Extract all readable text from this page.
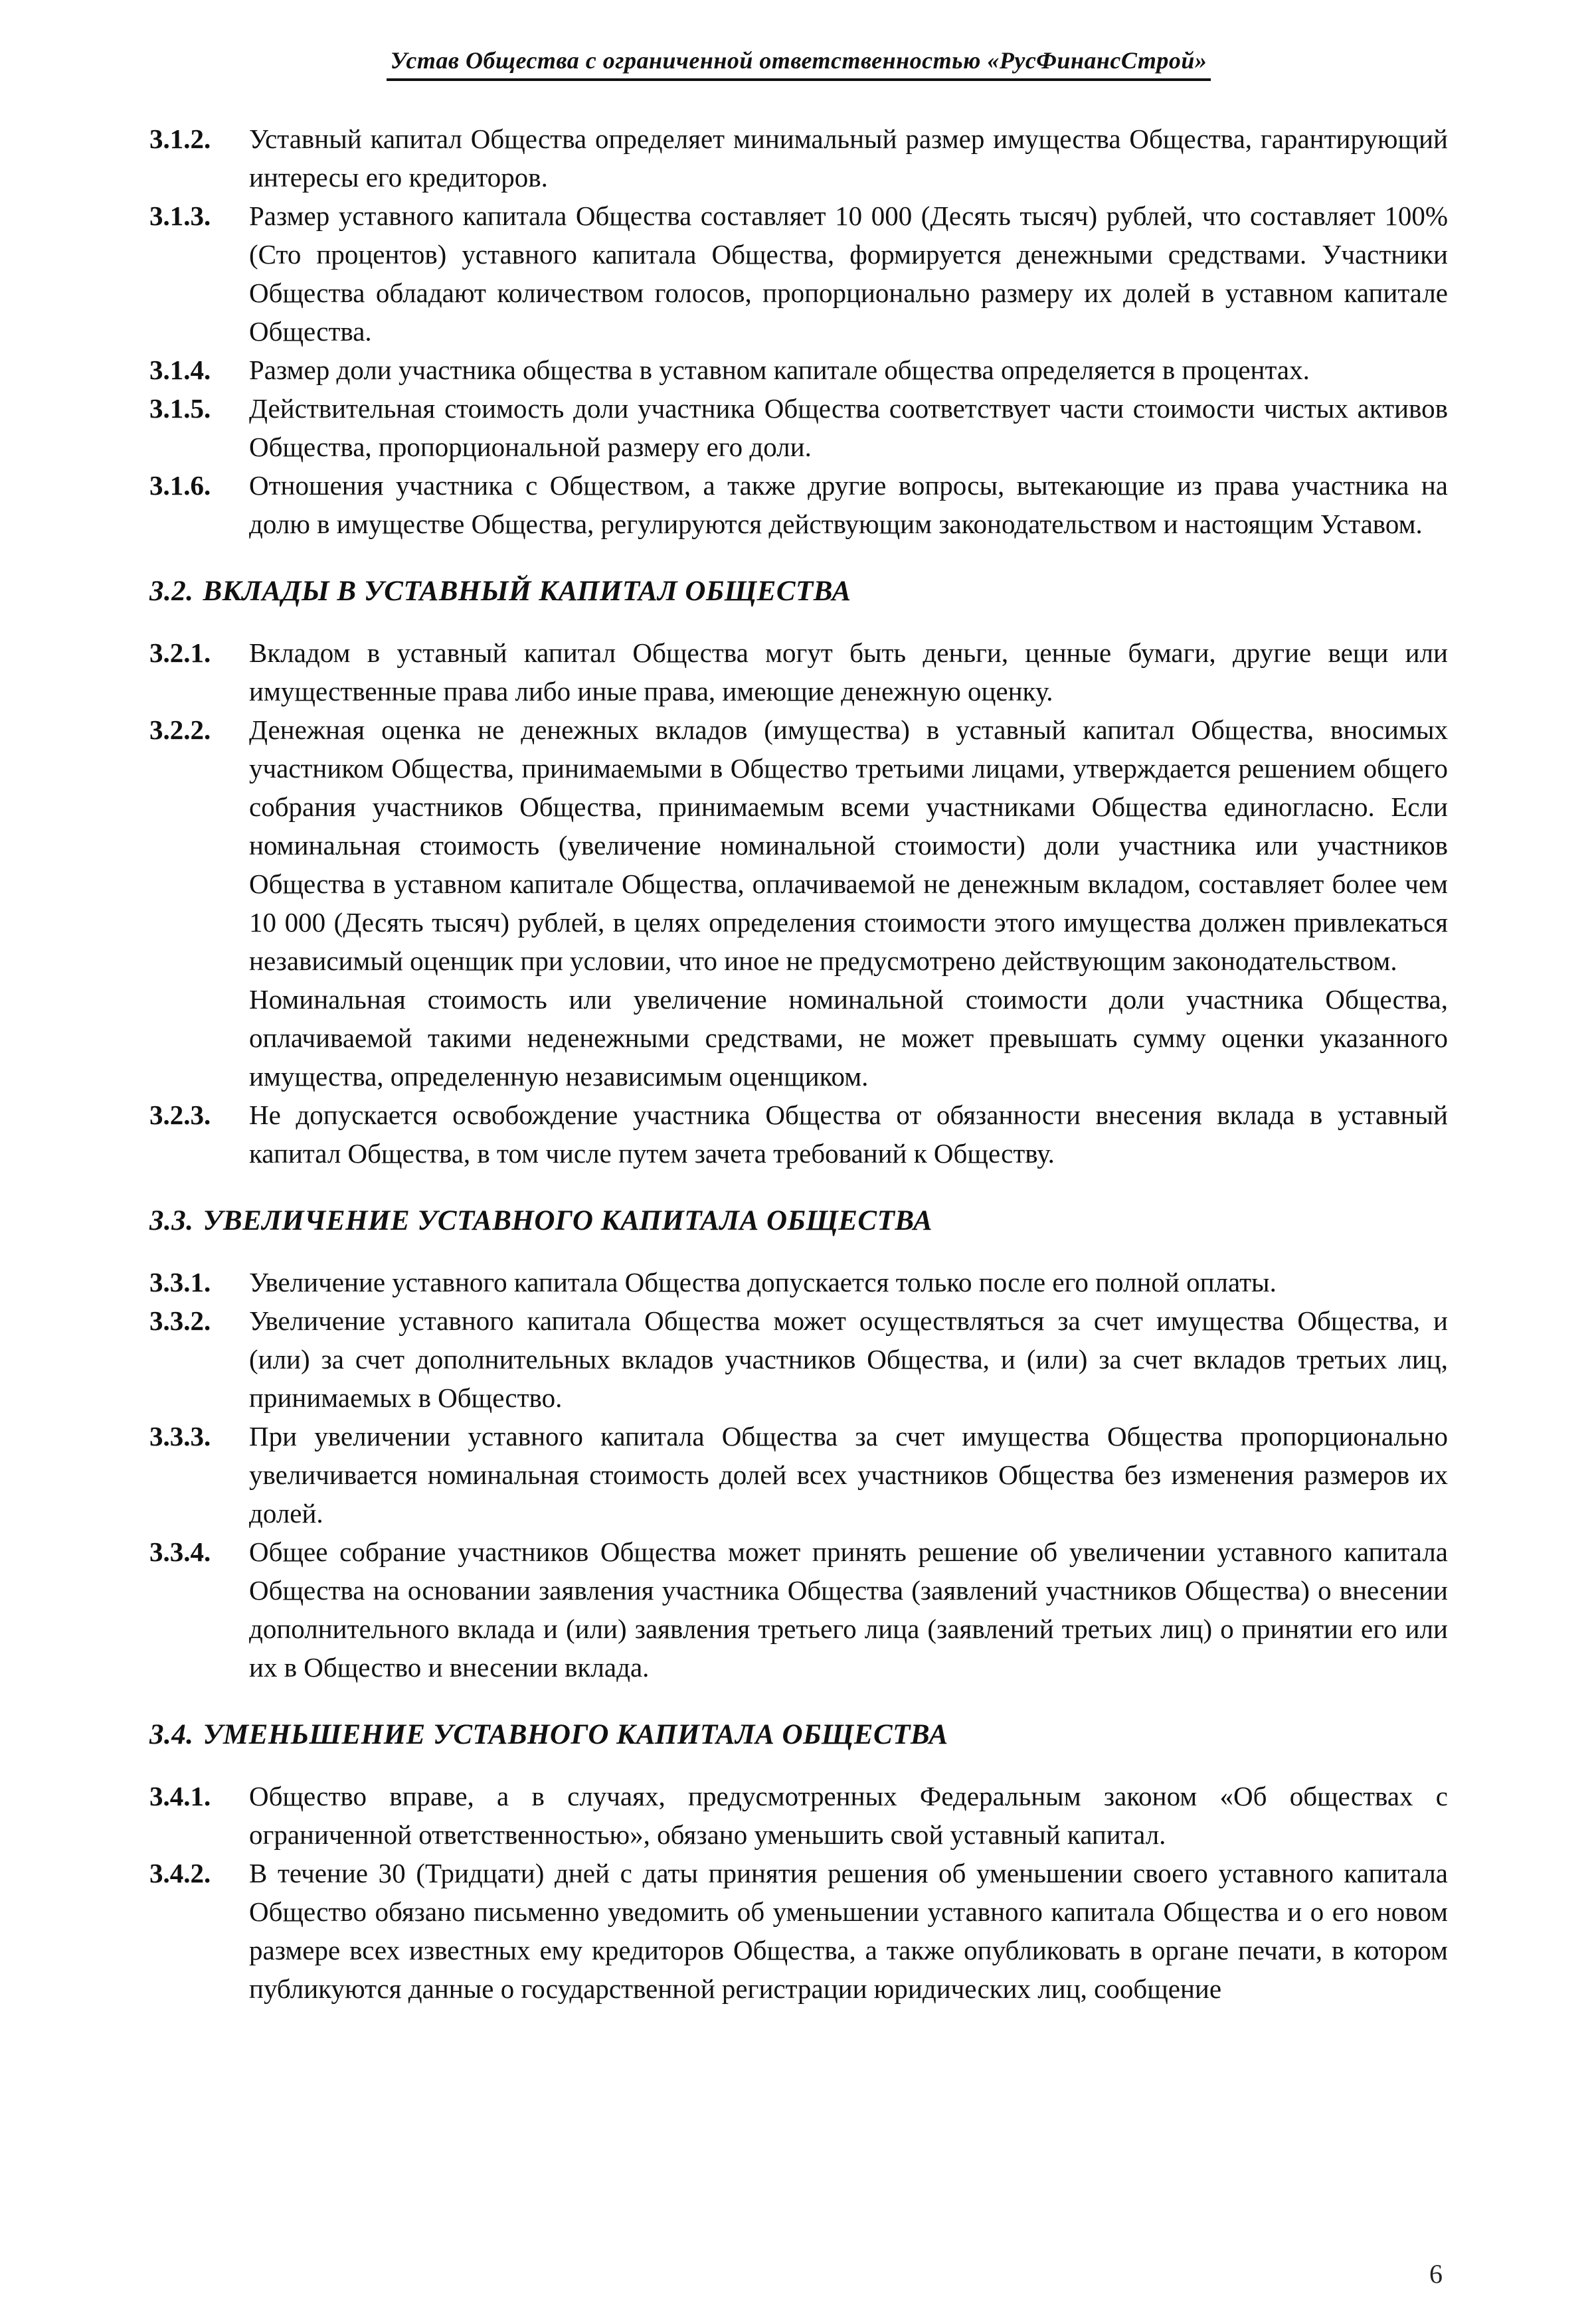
Устав Общества с ограниченной ответственностью «РусФинансСтрой»
3.1.2. Уставный капитал Общества определяет минимальный размер имущества Общества, гарантирующий интересы его кредиторов.
3.1.3. Размер уставного капитала Общества составляет 10 000 (Десять тысяч) рублей, что составляет 100% (Сто процентов) уставного капитала Общества, формируется денежными средствами. Участники Общества обладают количеством голосов, пропорционально размеру их долей в уставном капитале Общества.
3.1.4. Размер доли участника общества в уставном капитале общества определяется в процентах.
3.1.5. Действительная стоимость доли участника Общества соответствует части стоимости чистых активов Общества, пропорциональной размеру его доли.
3.1.6. Отношения участника с Обществом, а также другие вопросы, вытекающие из права участника на долю в имуществе Общества, регулируются действующим законодательством и настоящим Уставом.
3.2. ВКЛАДЫ В УСТАВНЫЙ КАПИТАЛ ОБЩЕСТВА
3.2.1. Вкладом в уставный капитал Общества могут быть деньги, ценные бумаги, другие вещи или имущественные права либо иные права, имеющие денежную оценку.
3.2.2. Денежная оценка не денежных вкладов (имущества) в уставный капитал Общества, вносимых участником Общества, принимаемыми в Общество третьими лицами, утверждается решением общего собрания участников Общества, принимаемым всеми участниками Общества единогласно. Если номинальная стоимость (увеличение номинальной стоимости) доли участника или участников Общества в уставном капитале Общества, оплачиваемой не денежным вкладом, составляет более чем 10 000 (Десять тысяч) рублей, в целях определения стоимости этого имущества должен привлекаться независимый оценщик при условии, что иное не предусмотрено действующим законодательством.
Номинальная стоимость или увеличение номинальной стоимости доли участника Общества, оплачиваемой такими неденежными средствами, не может превышать сумму оценки указанного имущества, определенную независимым оценщиком.
3.2.3. Не допускается освобождение участника Общества от обязанности внесения вклада в уставный капитал Общества, в том числе путем зачета требований к Обществу.
3.3. УВЕЛИЧЕНИЕ УСТАВНОГО КАПИТАЛА ОБЩЕСТВА
3.3.1. Увеличение уставного капитала Общества допускается только после его полной оплаты.
3.3.2. Увеличение уставного капитала Общества может осуществляться за счет имущества Общества, и (или) за счет дополнительных вкладов участников Общества, и (или) за счет вкладов третьих лиц, принимаемых в Общество.
3.3.3. При увеличении уставного капитала Общества за счет имущества Общества пропорционально увеличивается номинальная стоимость долей всех участников Общества без изменения размеров их долей.
3.3.4. Общее собрание участников Общества может принять решение об увеличении уставного капитала Общества на основании заявления участника Общества (заявлений участников Общества) о внесении дополнительного вклада и (или) заявления третьего лица (заявлений третьих лиц) о принятии его или их в Общество и внесении вклада.
3.4. УМЕНЬШЕНИЕ УСТАВНОГО КАПИТАЛА ОБЩЕСТВА
3.4.1. Общество вправе, а в случаях, предусмотренных Федеральным законом «Об обществах с ограниченной ответственностью», обязано уменьшить свой уставный капитал.
3.4.2. В течение 30 (Тридцати) дней с даты принятия решения об уменьшении своего уставного капитала Общество обязано письменно уведомить об уменьшении уставного капитала Общества и о его новом размере всех известных ему кредиторов Общества, а также опубликовать в органе печати, в котором публикуются данные о государственной регистрации юридических лиц, сообщение
6
